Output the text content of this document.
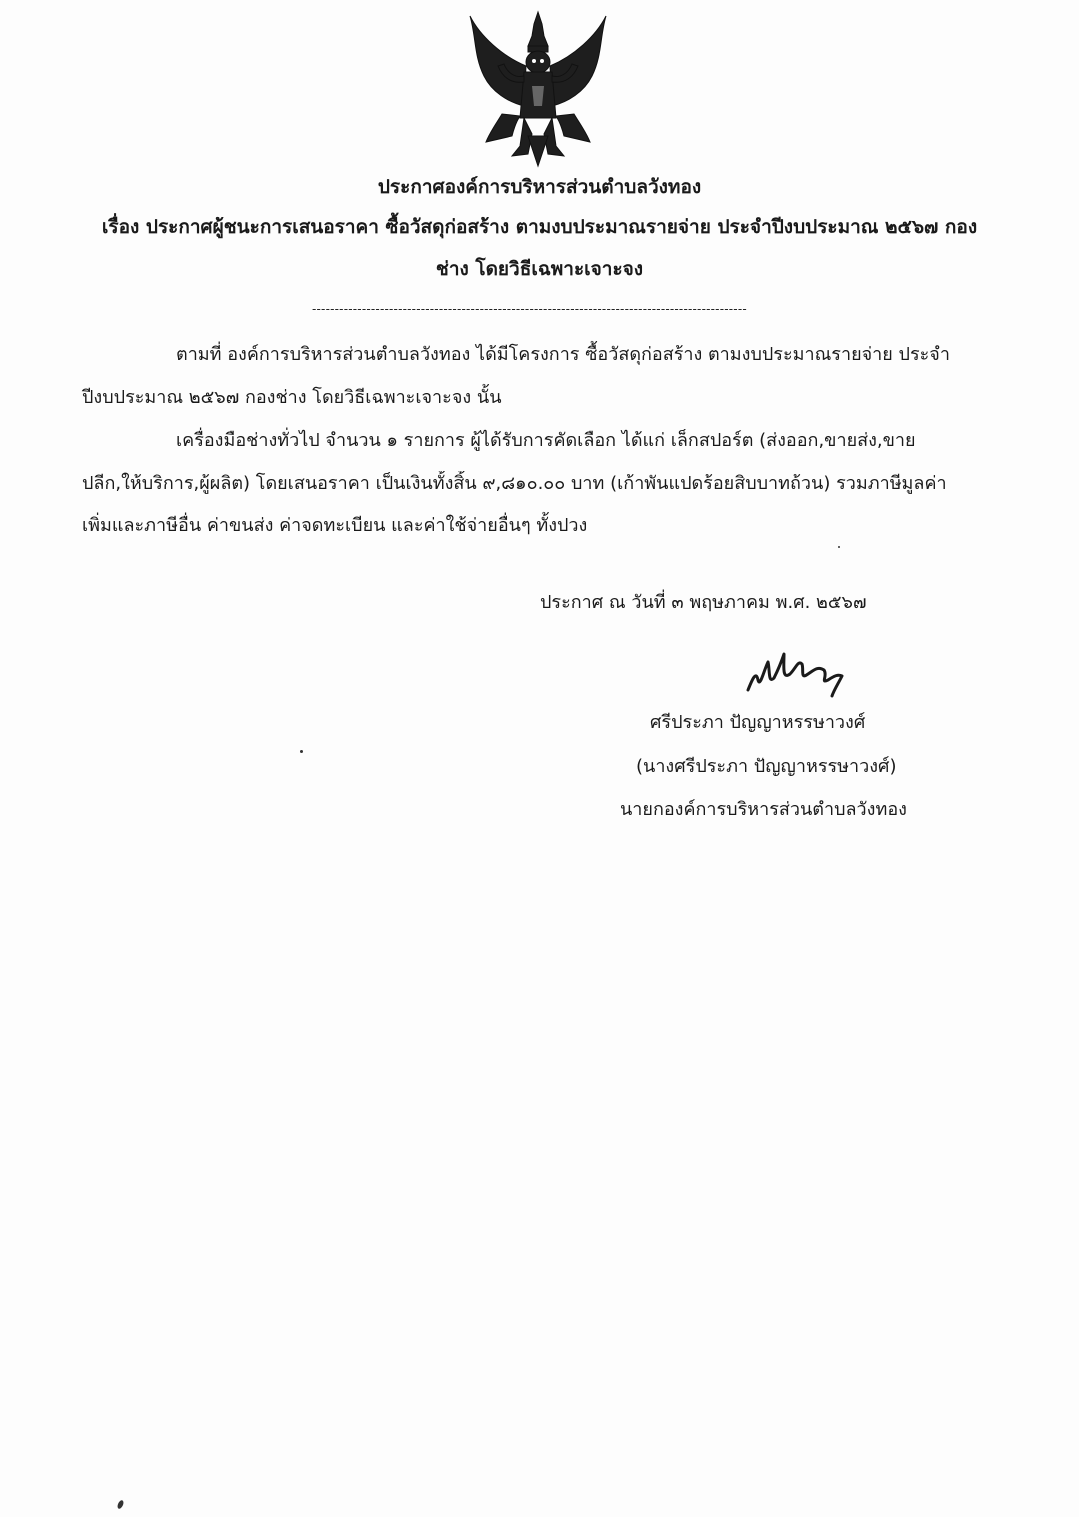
ประกาศองค์การบริหารส่วนตำบลวังทอง
เรื่อง ประกาศผู้ชนะการเสนอราคา ซื้อวัสดุก่อสร้าง ตามงบประมาณรายจ่าย ประจำปีงบประมาณ ๒๕๖๗ กอง
ช่าง โดยวิธีเฉพาะเจาะจง
------------------------------------------------------------------------------------------------
ตามที่ องค์การบริหารส่วนตำบลวังทอง ได้มีโครงการ ซื้อวัสดุก่อสร้าง ตามงบประมาณรายจ่าย ประจำ
ปีงบประมาณ ๒๕๖๗ กองช่าง โดยวิธีเฉพาะเจาะจง นั้น
เครื่องมือช่างทั่วไป จำนวน ๑ รายการ ผู้ได้รับการคัดเลือก ได้แก่ เล็กสปอร์ต (ส่งออก,ขายส่ง,ขาย
ปลีก,ให้บริการ,ผู้ผลิต) โดยเสนอราคา เป็นเงินทั้งสิ้น ๙,๘๑๐.๐๐ บาท (เก้าพันแปดร้อยสิบบาทถ้วน) รวมภาษีมูลค่า
เพิ่มและภาษีอื่น ค่าขนส่ง ค่าจดทะเบียน และค่าใช้จ่ายอื่นๆ ทั้งปวง
ประกาศ ณ วันที่ ๓ พฤษภาคม พ.ศ. ๒๕๖๗
ศรีประภา ปัญญาหรรษาวงศ์
(นางศรีประภา ปัญญาหรรษาวงศ์)
นายกองค์การบริหารส่วนตำบลวังทอง
